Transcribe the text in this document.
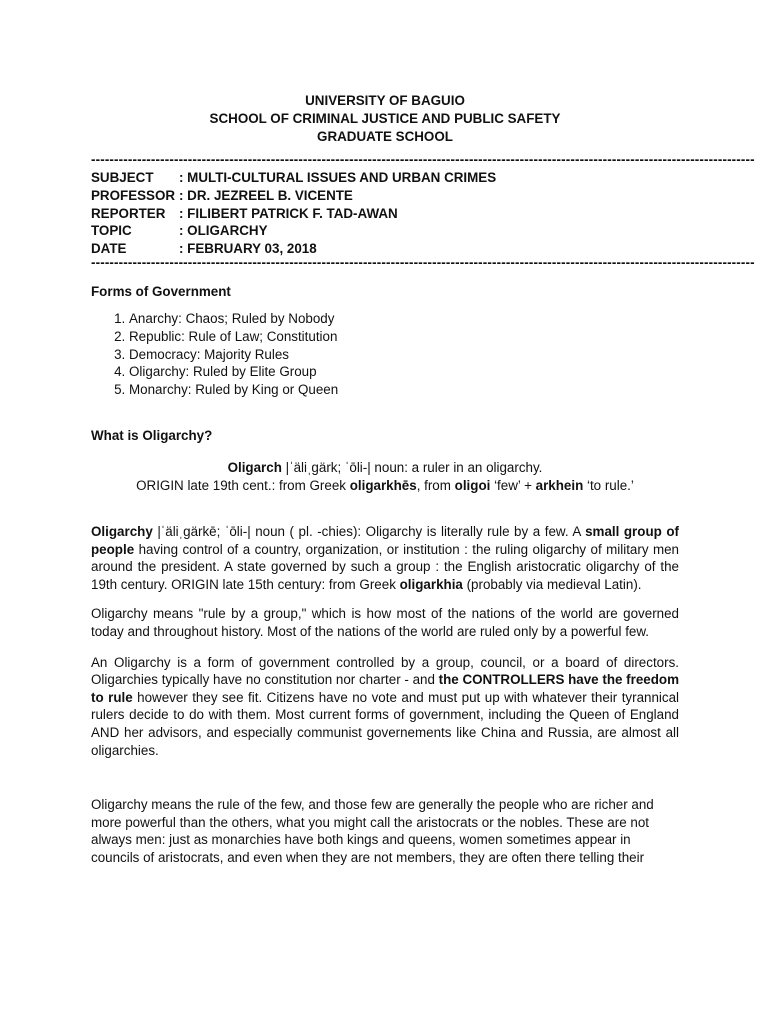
UNIVERSITY OF BAGUIO
SCHOOL OF CRIMINAL JUSTICE AND PUBLIC SAFETY
GRADUATE SCHOOL
------------------------------------------------------------------------------------------------------------------------------------------------
SUBJECT	: MULTI-CULTURAL ISSUES AND URBAN CRIMES
PROFESSOR : DR. JEZREEL B. VICENTE
REPORTER	: FILIBERT PATRICK F. TAD-AWAN
TOPIC	: OLIGARCHY
DATE	: FEBRUARY 03, 2018
------------------------------------------------------------------------------------------------------------------------------------------------
Forms of Government
1. Anarchy: Chaos; Ruled by Nobody
2. Republic: Rule of Law; Constitution
3. Democracy: Majority Rules
4. Oligarchy: Ruled by Elite Group
5. Monarchy: Ruled by King or Queen
What is Oligarchy?
Oligarch |ˈäliˌgärk; ˈōli-| noun: a ruler in an oligarchy.
ORIGIN late 19th cent.: from Greek oligarkhēs, from oligoi ‘few’ + arkhein ‘to rule.’

Oligarchy |ˈäliˌgärkē; ˈōli-| noun ( pl. -chies): Oligarchy is literally rule by a few. A small group of people having control of a country, organization, or institution : the ruling oligarchy of military men around the president. A state governed by such a group : the English aristocratic oligarchy of the 19th century. ORIGIN late 15th century: from Greek oligarkhia (probably via medieval Latin).

Oligarchy means "rule by a group," which is how most of the nations of the world are governed today and throughout history. Most of the nations of the world are ruled only by a powerful few.

An Oligarchy is a form of government controlled by a group, council, or a board of directors. Oligarchies typically have no constitution nor charter - and the CONTROLLERS have the freedom to rule however they see fit. Citizens have no vote and must put up with whatever their tyrannical rulers decide to do with them. Most current forms of government, including the Queen of England AND her advisors, and especially communist governements like China and Russia, are almost all oligarchies.

Oligarchy means the rule of the few, and those few are generally the people who are richer and more powerful than the others, what you might call the aristocrats or the nobles. These are not always men: just as monarchies have both kings and queens, women sometimes appear in councils of aristocrats, and even when they are not members, they are often there telling their
